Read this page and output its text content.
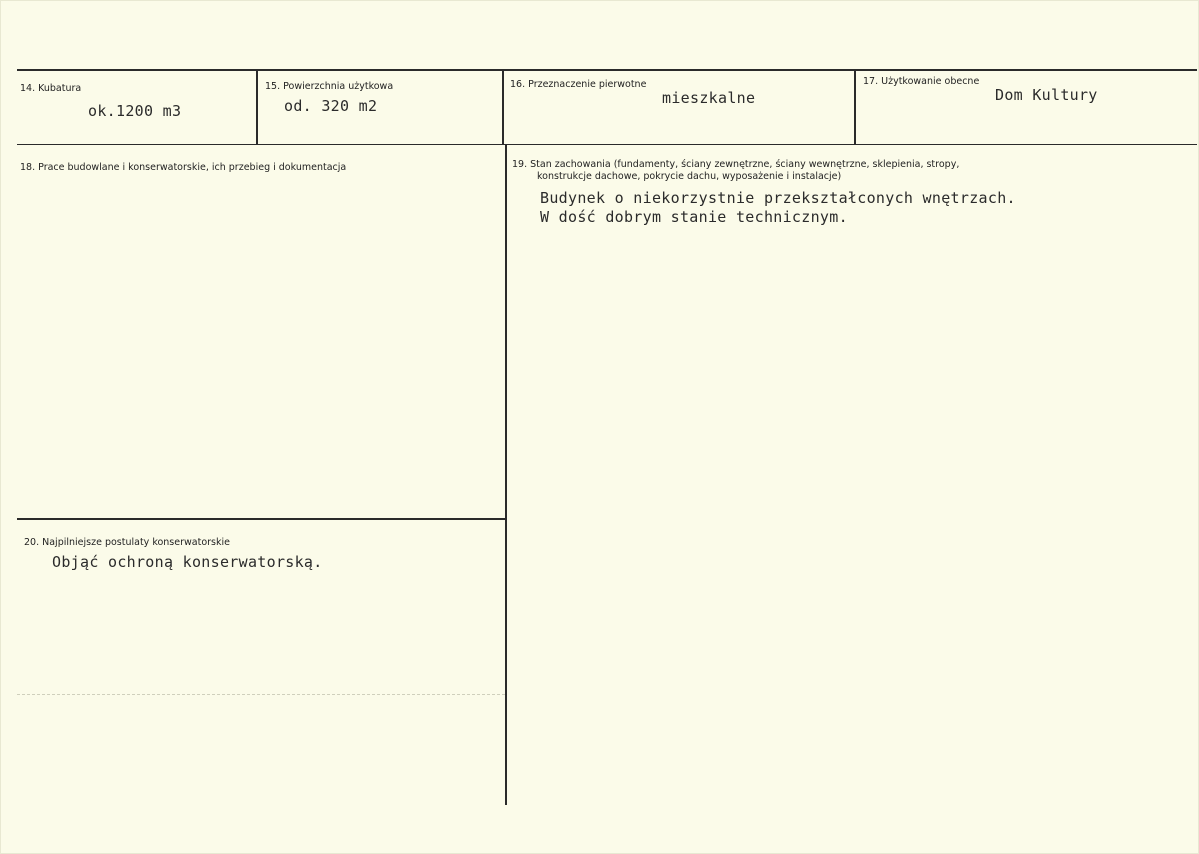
14. Kubatura
ok.1200 m3
15. Powierzchnia użytkowa
od. 320 m2
16. Przeznaczenie pierwotne
mieszkalne
17. Użytkowanie obecne
Dom Kultury
18. Prace budowlane i konserwatorskie, ich przebieg i dokumentacja	19. Stan zachowania (fundamenty, ściany zewnętrzne, ściany wewnętrzne, sklepienia, stropy,
konstrukcje dachowe, pokrycie dachu, wyposażenie i instalacje)
Budynek o niekorzystnie przekształconych wnętrzach.
W dość dobrym stanie technicznym.
20. Najpilniejsze postulaty konserwatorskie
Objąć ochroną konserwatorską.
